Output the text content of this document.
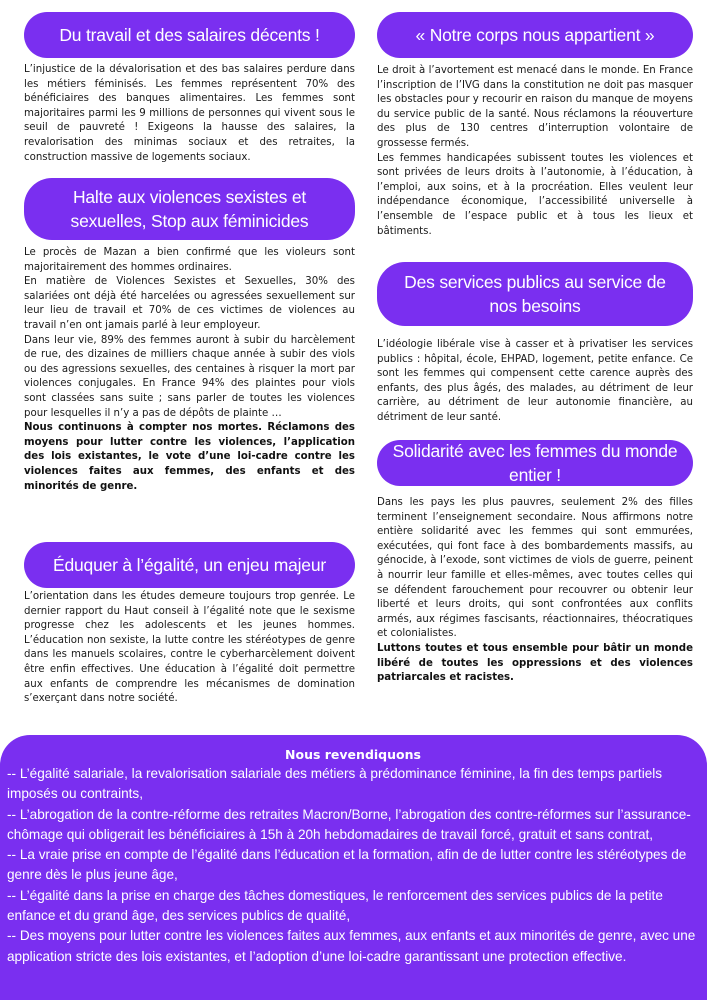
Du travail et des salaires décents !

L’injustice de la dévalorisation et des bas salaires perdure dans les métiers féminisés. Les femmes représentent 70% des bénéficiaires des banques alimentaires. Les femmes sont majoritaires parmi les 9 millions de personnes qui vivent sous le seuil de pauvreté ! Exigeons la hausse des salaires, la revalorisation des minimas sociaux et des retraites, la construction massive de logements sociaux.

Halte aux violences sexistes et sexuelles, Stop aux féminicides

Le procès de Mazan a bien confirmé que les violeurs sont majoritairement des hommes ordinaires.

En matière de Violences Sexistes et Sexuelles, 30% des salariées ont déjà été harcelées ou agressées sexuellement sur leur lieu de travail et 70% de ces victimes de violences au travail n’en ont jamais parlé à leur employeur.

Dans leur vie, 89% des femmes auront à subir du harcèlement de rue, des dizaines de milliers chaque année à subir des viols ou des agressions sexuelles, des centaines à risquer la mort par violences conjugales. En France 94% des plaintes pour viols sont classées sans suite ; sans parler de toutes les violences pour lesquelles il n’y a pas de dépôts de plainte …

Nous continuons à compter nos mortes. Réclamons des moyens pour lutter contre les violences, l’application des lois existantes, le vote d’une loi-cadre contre les violences faites aux femmes, des enfants et des minorités de genre.

Éduquer à l’égalité, un enjeu majeur

L’orientation dans les études demeure toujours trop genrée. Le dernier rapport du Haut conseil à l’égalité note que le sexisme progresse chez les adolescents et les jeunes hommes. L’éducation non sexiste, la lutte contre les stéréotypes de genre dans les manuels scolaires, contre le cyberharcèlement doivent être enfin effectives. Une éducation à l’égalité doit permettre aux enfants de comprendre les mécanismes de domination s’exerçant dans notre société.

« Notre corps nous appartient »

Le droit à l’avortement est menacé dans le monde. En France l’inscription de l’IVG dans la constitution ne doit pas masquer les obstacles pour y recourir en raison du manque de moyens du service public de la santé. Nous réclamons la réouverture des plus de 130 centres d’interruption volontaire de grossesse fermés.

Les femmes handicapées subissent toutes les violences et sont privées de leurs droits à l’autonomie, à l’éducation, à l’emploi, aux soins, et à la procréation. Elles veulent leur indépendance économique, l’accessibilité universelle à l’ensemble de l’espace public et à tous les lieux et bâtiments.

Des services publics au service de nos besoins

L’idéologie libérale vise à casser et à privatiser les services publics : hôpital, école, EHPAD, logement, petite enfance. Ce sont les femmes qui compensent cette carence auprès des enfants, des plus âgés, des malades, au détriment de leur carrière, au détriment de leur autonomie financière, au détriment de leur santé.

Solidarité avec les femmes du monde entier !

Dans les pays les plus pauvres, seulement 2% des filles terminent l’enseignement secondaire. Nous affirmons notre entière solidarité avec les femmes qui sont emmurées, exécutées, qui font face à des bombardements massifs, au génocide, à l’exode, sont victimes de viols de guerre, peinent à nourrir leur famille et elles-mêmes, avec toutes celles qui se défendent farouchement pour recouvrer ou obtenir leur liberté et leurs droits, qui sont confrontées aux conflits armés, aux régimes fascisants, réactionnaires, théocratiques et colonialistes.

Luttons toutes et tous ensemble pour bâtir un monde libéré de toutes les oppressions et des violences patriarcales et racistes.

Nous revendiquons
-- L’égalité salariale, la revalorisation salariale des métiers à prédominance féminine, la fin des temps partiels imposés ou contraints,
-- L’abrogation de la contre-réforme des retraites Macron/Borne, l’abrogation des contre-réformes sur l’assurance-chômage qui obligerait les bénéficiaires à 15h à 20h hebdomadaires de travail forcé, gratuit et sans contrat,
-- La vraie prise en compte de l’égalité dans l’éducation et la formation, afin de de lutter contre les stéréotypes de genre dès le plus jeune âge,
-- L’égalité dans la prise en charge des tâches domestiques, le renforcement des services publics de la petite enfance et du grand âge, des services publics de qualité,
-- Des moyens pour lutter contre les violences faites aux femmes, aux enfants et aux minorités de genre, avec une application stricte des lois existantes, et l’adoption d’une loi-cadre garantissant une protection effective.
